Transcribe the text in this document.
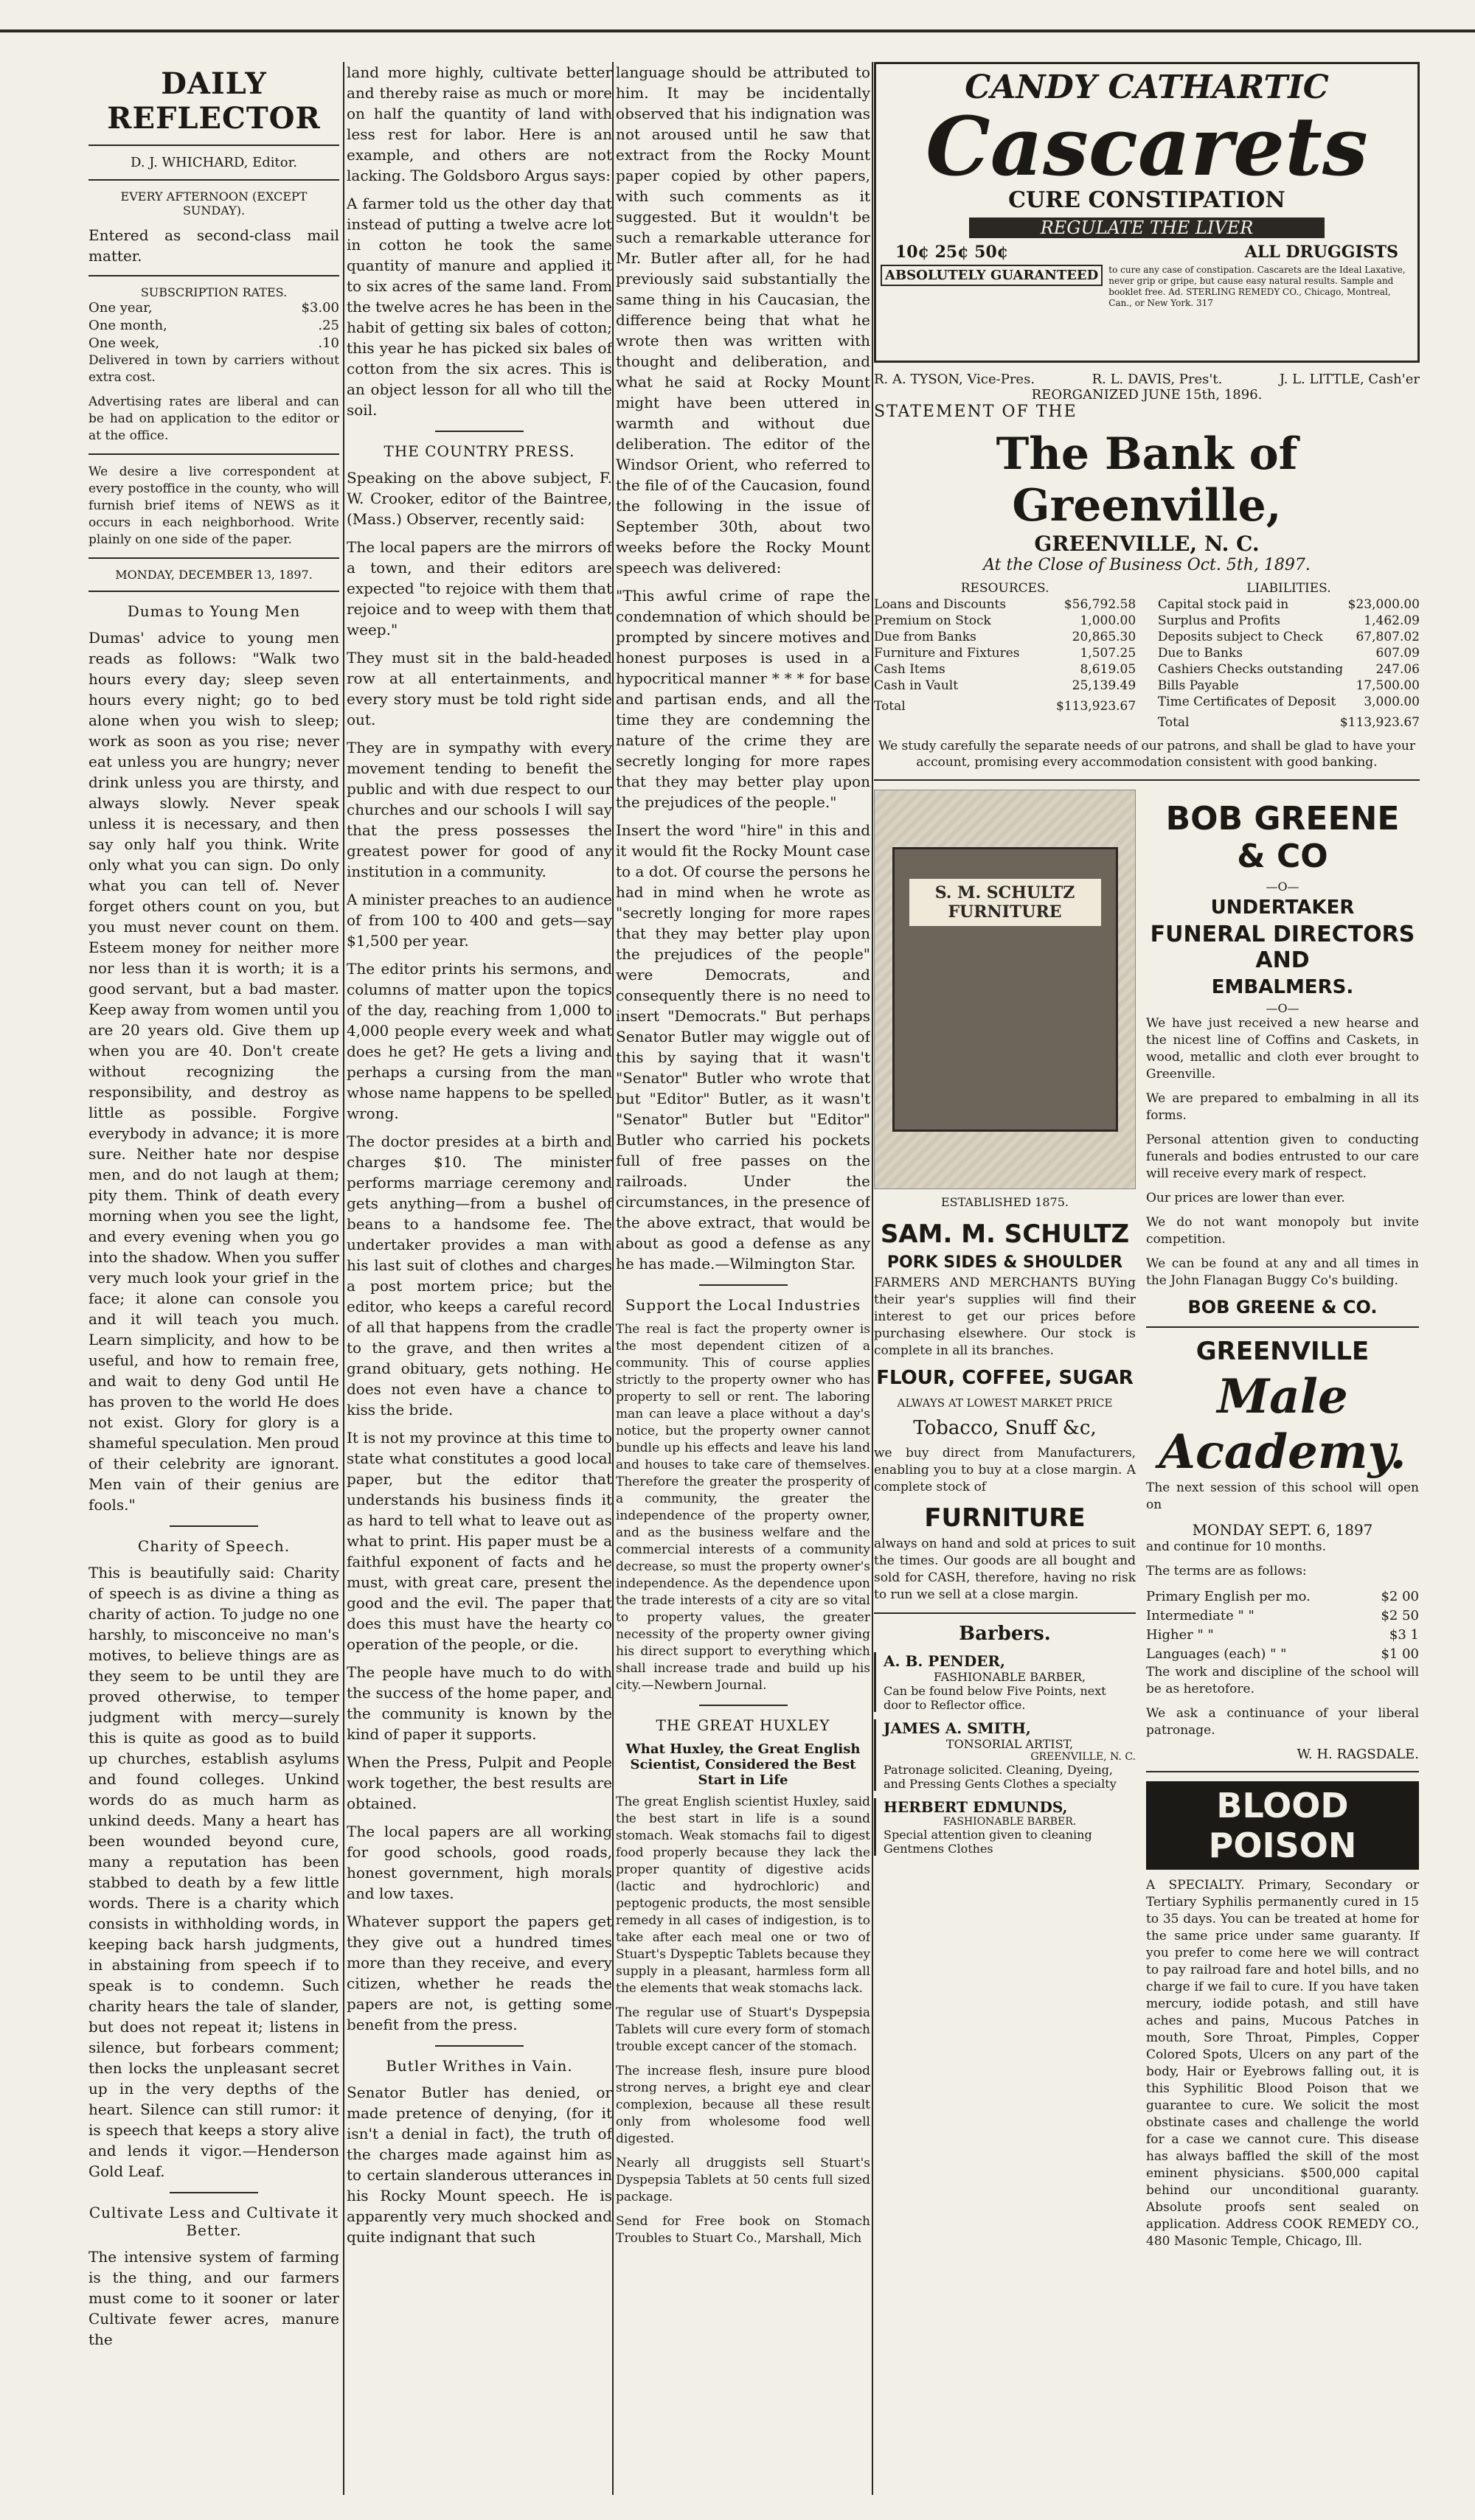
DAILY REFLECTOR
D. J. WHICHARD, Editor.
EVERY AFTERNOON (EXCEPT SUNDAY).

Entered as second-class mail matter.

SUBSCRIPTION RATES.
One year,	$3.00
One month,	.25
One week,	.10

Delivered in town by carriers without extra cost.

Advertising rates are liberal and can be had on application to the editor or at the office.

We desire a live correspondent at every postoffice in the county, who will furnish brief items of NEWS as it occurs in each neighborhood. Write plainly on one side of the paper.

MONDAY, DECEMBER 13, 1897.
Dumas to Young Men

Dumas' advice to young men reads as follows: "Walk two hours every day; sleep seven hours every night; go to bed alone when you wish to sleep; work as soon as you rise; never eat unless you are hungry; never drink unless you are thirsty, and always slowly. Never speak unless it is necessary, and then say only half you think. Write only what you can sign. Do only what you can tell of. Never forget others count on you, but you must never count on them. Esteem money for neither more nor less than it is worth; it is a good servant, but a bad master. Keep away from women until you are 20 years old. Give them up when you are 40. Don't create without recognizing the responsibility, and destroy as little as possible. Forgive everybody in advance; it is more sure. Neither hate nor despise men, and do not laugh at them; pity them. Think of death every morning when you see the light, and every evening when you go into the shadow. When you suffer very much look your grief in the face; it alone can console you and it will teach you much. Learn simplicity, and how to be useful, and how to remain free, and wait to deny God until He has proven to the world He does not exist. Glory for glory is a shameful speculation. Men proud of their celebrity are ignorant. Men vain of their genius are fools."

Charity of Speech.

This is beautifully said: Charity of speech is as divine a thing as charity of action. To judge no one harshly, to misconceive no man's motives, to believe things are as they seem to be until they are proved otherwise, to temper judgment with mercy—surely this is quite as good as to build up churches, establish asylums and found colleges. Unkind words do as much harm as unkind deeds. Many a heart has been wounded beyond cure, many a reputation has been stabbed to death by a few little words. There is a charity which consists in withholding words, in keeping back harsh judgments, in abstaining from speech if to speak is to condemn. Such charity hears the tale of slander, but does not repeat it; listens in silence, but forbears comment; then locks the unpleasant secret up in the very depths of the heart. Silence can still rumor: it is speech that keeps a story alive and lends it vigor.—Henderson Gold Leaf.

Cultivate Less and Cultivate it Better.

The intensive system of farming is the thing, and our farmers must come to it sooner or later Cultivate fewer acres, manure the

land more highly, cultivate better and thereby raise as much or more on half the quantity of land with less rest for labor. Here is an example, and others are not lacking. The Goldsboro Argus says:

A farmer told us the other day that instead of putting a twelve acre lot in cotton he took the same quantity of manure and applied it to six acres of the same land. From the twelve acres he has been in the habit of getting six bales of cotton; this year he has picked six bales of cotton from the six acres. This is an object lesson for all who till the soil.

THE COUNTRY PRESS.

Speaking on the above subject, F. W. Crooker, editor of the Baintree, (Mass.) Observer, recently said:

The local papers are the mirrors of a town, and their editors are expected "to rejoice with them that rejoice and to weep with them that weep."

They must sit in the bald-headed row at all entertainments, and every story must be told right side out.

They are in sympathy with every movement tending to benefit the public and with due respect to our churches and our schools I will say that the press possesses the greatest power for good of any institution in a community.

A minister preaches to an audience of from 100 to 400 and gets—say $1,500 per year.

The editor prints his sermons, and columns of matter upon the topics of the day, reaching from 1,000 to 4,000 people every week and what does he get? He gets a living and perhaps a cursing from the man whose name happens to be spelled wrong.

The doctor presides at a birth and charges $10. The minister performs marriage ceremony and gets anything—from a bushel of beans to a handsome fee. The undertaker provides a man with his last suit of clothes and charges a post mortem price; but the editor, who keeps a careful record of all that happens from the cradle to the grave, and then writes a grand obituary, gets nothing. He does not even have a chance to kiss the bride.

It is not my province at this time to state what constitutes a good local paper, but the editor that understands his business finds it as hard to tell what to leave out as what to print. His paper must be a faithful exponent of facts and he must, with great care, present the good and the evil. The paper that does this must have the hearty co operation of the people, or die.

The people have much to do with the success of the home paper, and the community is known by the kind of paper it supports.

When the Press, Pulpit and People work together, the best results are obtained.

The local papers are all working for good schools, good roads, honest government, high morals and low taxes.

Whatever support the papers get they give out a hundred times more than they receive, and every citizen, whether he reads the papers are not, is getting some benefit from the press.

Butler Writhes in Vain.

Senator Butler has denied, or made pretence of denying, (for it isn't a denial in fact), the truth of the charges made against him as to certain slanderous utterances in his Rocky Mount speech. He is apparently very much shocked and quite indignant that such

language should be attributed to him. It may be incidentally observed that his indignation was not aroused until he saw that extract from the Rocky Mount paper copied by other papers, with such comments as it suggested. But it wouldn't be such a remarkable utterance for Mr. Butler after all, for he had previously said substantially the same thing in his Caucasian, the difference being that what he wrote then was written with thought and deliberation, and what he said at Rocky Mount might have been uttered in warmth and without due deliberation. The editor of the Windsor Orient, who referred to the file of of the Caucasion, found the following in the issue of September 30th, about two weeks before the Rocky Mount speech was delivered:

"This awful crime of rape the condemnation of which should be prompted by sincere motives and honest purposes is used in a hypocritical manner * * * for base and partisan ends, and all the time they are condemning the nature of the crime they are secretly longing for more rapes that they may better play upon the prejudices of the people."

Insert the word "hire" in this and it would fit the Rocky Mount case to a dot. Of course the persons he had in mind when he wrote as "secretly longing for more rapes that they may better play upon the prejudices of the people" were Democrats, and consequently there is no need to insert "Democrats." But perhaps Senator Butler may wiggle out of this by saying that it wasn't "Senator" Butler who wrote that but "Editor" Butler, as it wasn't "Senator" Butler but "Editor" Butler who carried his pockets full of free passes on the railroads. Under the circumstances, in the presence of the above extract, that would be about as good a defense as any he has made.—Wilmington Star.

Support the Local Industries

The real is fact the property owner is the most dependent citizen of a community. This of course applies strictly to the property owner who has property to sell or rent. The laboring man can leave a place without a day's notice, but the property owner cannot bundle up his effects and leave his land and houses to take care of themselves. Therefore the greater the prosperity of a community, the greater the independence of the property owner, and as the business welfare and the commercial interests of a community decrease, so must the property owner's independence. As the dependence upon the trade interests of a city are so vital to property values, the greater necessity of the property owner giving his direct support to everything which shall increase trade and build up his city.—Newbern Journal.

THE GREAT HUXLEY
What Huxley, the Great English Scientist, Considered the Best Start in Life

The great English scientist Huxley, said the best start in life is a sound stomach. Weak stomachs fail to digest food properly because they lack the proper quantity of digestive acids (lactic and hydrochloric) and peptogenic products, the most sensible remedy in all cases of indigestion, is to take after each meal one or two of Stuart's Dyspeptic Tablets because they supply in a pleasant, harmless form all the elements that weak stomachs lack.

The regular use of Stuart's Dyspepsia Tablets will cure every form of stomach trouble except cancer of the stomach.

The increase flesh, insure pure blood strong nerves, a bright eye and clear complexion, because all these result only from wholesome food well digested.

Nearly all druggists sell Stuart's Dyspepsia Tablets at 50 cents full sized package.

Send for Free book on Stomach Troubles to Stuart Co., Marshall, Mich

CANDY CATHARTIC
Cascarets
CURE CONSTIPATION
REGULATE THE LIVER
10¢ 25¢ 50¢	ALL DRUGGISTS
ABSOLUTELY GUARANTEED	to cure any case of constipation. Cascarets are the Ideal Laxative, never grip or gripe, but cause easy natural results. Sample and booklet free. Ad. STERLING REMEDY CO., Chicago, Montreal, Can., or New York. 317
R. A. TYSON, Vice-Pres.	R. L. DAVIS, Pres't.	J. L. LITTLE, Cash'er
REORGANIZED JUNE 15th, 1896.
STATEMENT OF THE
The Bank of Greenville,
GREENVILLE, N. C.
At the Close of Business Oct. 5th, 1897.
RESOURCES.
Loans and Discounts	$56,792.58
Premium on Stock	1,000.00
Due from Banks	20,865.30
Furniture and Fixtures	1,507.25
Cash Items	8,619.05
Cash in Vault	25,139.49
Total	$113,923.67
LIABILITIES.
Capital stock paid in	$23,000.00
Surplus and Profits	1,462.09
Deposits subject to Check	67,807.02
Due to Banks	607.09
Cashiers Checks outstanding	247.06
Bills Payable	17,500.00
Time Certificates of Deposit 3,000.00
Total	$113,923.67
We study carefully the separate needs of our patrons, and shall be glad to have your account, promising every accommodation consistent with good banking.
S. M. SCHULTZ FURNITURE
ESTABLISHED 1875.
SAM. M. SCHULTZ
PORK SIDES & SHOULDER

FARMERS AND MERCHANTS BUYing their year's supplies will find their interest to get our prices before purchasing elsewhere. Our stock is complete in all its branches.

FLOUR, COFFEE, SUGAR
ALWAYS AT LOWEST MARKET PRICE
Tobacco, Snuff &c,

we buy direct from Manufacturers, enabling you to buy at a close margin. A complete stock of

FURNITURE

always on hand and sold at prices to suit the times. Our goods are all bought and sold for CASH, therefore, having no risk to run we sell at a close margin.

Barbers.
A. B. PENDER,
FASHIONABLE BARBER,
Can be found below Five Points, next door to Reflector office.
JAMES A. SMITH,
TONSORIAL ARTIST,
GREENVILLE, N. C.
Patronage solicited. Cleaning, Dyeing, and Pressing Gents Clothes a specialty
HERBERT EDMUNDS,
FASHIONABLE BARBER.
Special attention given to cleaning Gentmens Clothes
BOB GREENE & CO
—O—
UNDERTAKER
FUNERAL DIRECTORS AND
EMBALMERS.
—O—

We have just received a new hearse and the nicest line of Coffins and Caskets, in wood, metallic and cloth ever brought to Greenville.

We are prepared to embalming in all its forms.

Personal attention given to conducting funerals and bodies entrusted to our care will receive every mark of respect.

Our prices are lower than ever.

We do not want monopoly but invite competition.

We can be found at any and all times in the John Flanagan Buggy Co's building.

BOB GREENE & CO.
GREENVILLE
Male Academy.

The next session of this school will open on

MONDAY SEPT. 6, 1897

and continue for 10 months.

The terms are as follows:

Primary English per mo.	$2 00
Intermediate " "	$2 50
Higher " "	$3 1
Languages (each) " "	$1 00

The work and discipline of the school will be as heretofore.

We ask a continuance of your liberal patronage.

W. H. RAGSDALE.
BLOOD POISON

A SPECIALTY. Primary, Secondary or Tertiary Syphilis permanently cured in 15 to 35 days. You can be treated at home for the same price under same guaranty. If you prefer to come here we will contract to pay railroad fare and hotel bills, and no charge if we fail to cure. If you have taken mercury, iodide potash, and still have aches and pains, Mucous Patches in mouth, Sore Throat, Pimples, Copper Colored Spots, Ulcers on any part of the body, Hair or Eyebrows falling out, it is this Syphilitic Blood Poison that we guarantee to cure. We solicit the most obstinate cases and challenge the world for a case we cannot cure. This disease has always baffled the skill of the most eminent physicians. $500,000 capital behind our unconditional guaranty. Absolute proofs sent sealed on application. Address COOK REMEDY CO., 480 Masonic Temple, Chicago, Ill.
